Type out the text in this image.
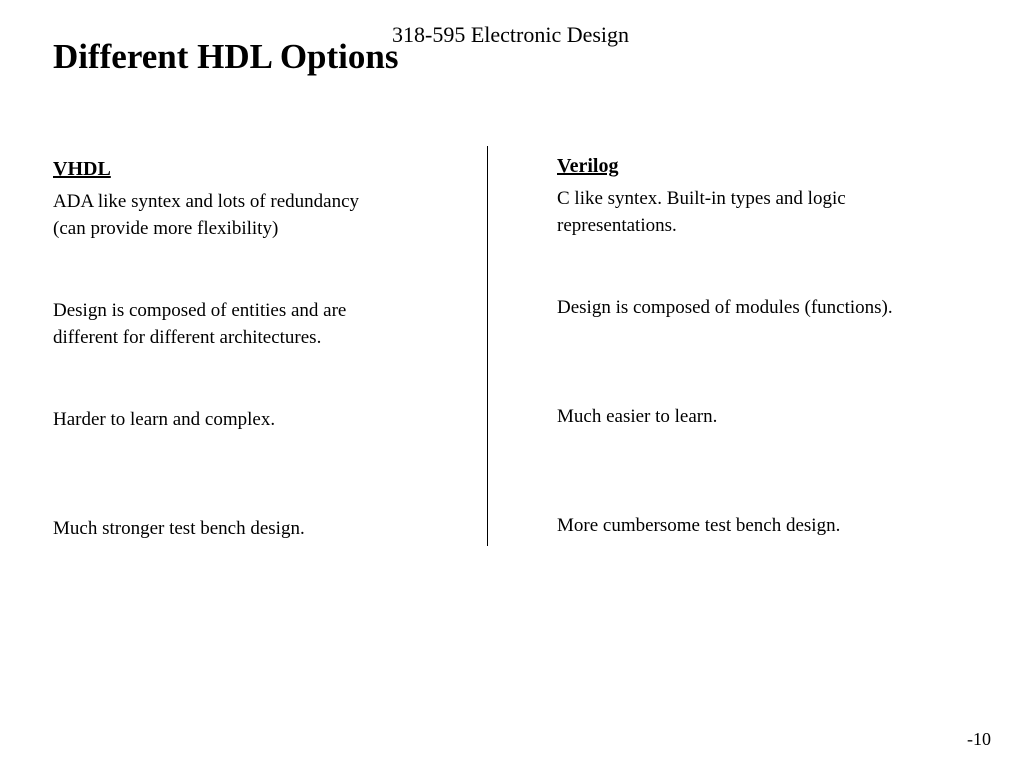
318-595 Electronic Design
Different HDL Options
VHDL
ADA like syntex and lots of redundancy
(can provide more flexibility)
Design is composed of entities and are
different for different architectures.
Harder to learn and complex.
Much stronger test bench design.
Verilog
C like syntex. Built-in types and logic
representations.
Design is composed of modules (functions).
Much easier to learn.
More cumbersome test bench design.
-10
